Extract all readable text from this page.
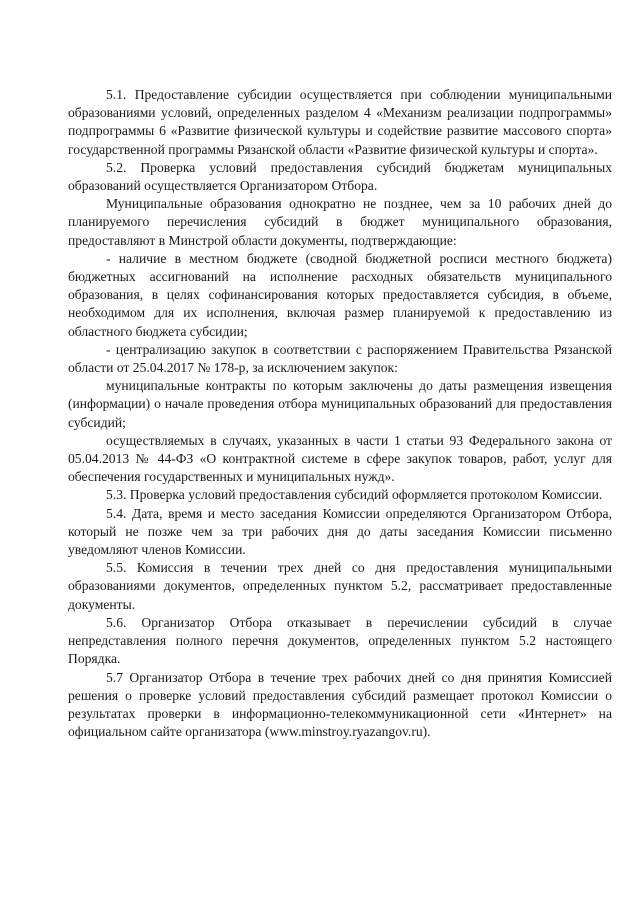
5.1. Предоставление субсидии осуществляется при соблюдении муниципальными образованиями условий, определенных разделом 4 «Механизм реализации подпрограммы» подпрограммы 6 «Развитие физической культуры и содействие развитие массового спорта» государственной программы Рязанской области «Развитие физической культуры и спорта».

5.2. Проверка условий предоставления субсидий бюджетам муниципальных образований осуществляется Организатором Отбора.

Муниципальные образования однократно не позднее, чем за 10 рабочих дней до планируемого перечисления субсидий в бюджет муниципального образования, предоставляют в Минстрой области документы, подтверждающие:

- наличие в местном бюджете (сводной бюджетной росписи местного бюджета) бюджетных ассигнований на исполнение расходных обязательств муниципального образования, в целях софинансирования которых предоставляется субсидия, в объеме, необходимом для их исполнения, включая размер планируемой к предоставлению из областного бюджета субсидии;

- централизацию закупок в соответствии с распоряжением Правительства Рязанской области от 25.04.2017 № 178-р, за исключением закупок:

муниципальные контракты по которым заключены до даты размещения извещения (информации) о начале проведения отбора муниципальных образований для предоставления субсидий;

осуществляемых в случаях, указанных в части 1 статьи 93 Федерального закона от 05.04.2013 № 44-ФЗ «О контрактной системе в сфере закупок товаров, работ, услуг для обеспечения государственных и муниципальных нужд».

5.3. Проверка условий предоставления субсидий оформляется протоколом Комиссии.

5.4. Дата, время и место заседания Комиссии определяются Организатором Отбора, который не позже чем за три рабочих дня до даты заседания Комиссии письменно уведомляют членов Комиссии.

5.5. Комиссия в течении трех дней со дня предоставления муниципальными образованиями документов, определенных пунктом 5.2, рассматривает предоставленные документы.

5.6. Организатор Отбора отказывает в перечислении субсидий в случае непредставления полного перечня документов, определенных пунктом 5.2 настоящего Порядка.

5.7 Организатор Отбора в течение трех рабочих дней со дня принятия Комиссией решения о проверке условий предоставления субсидий размещает протокол Комиссии о результатах проверки в информационно-телекоммуникационной сети «Интернет» на официальном сайте организатора (www.minstroy.ryazangov.ru).
